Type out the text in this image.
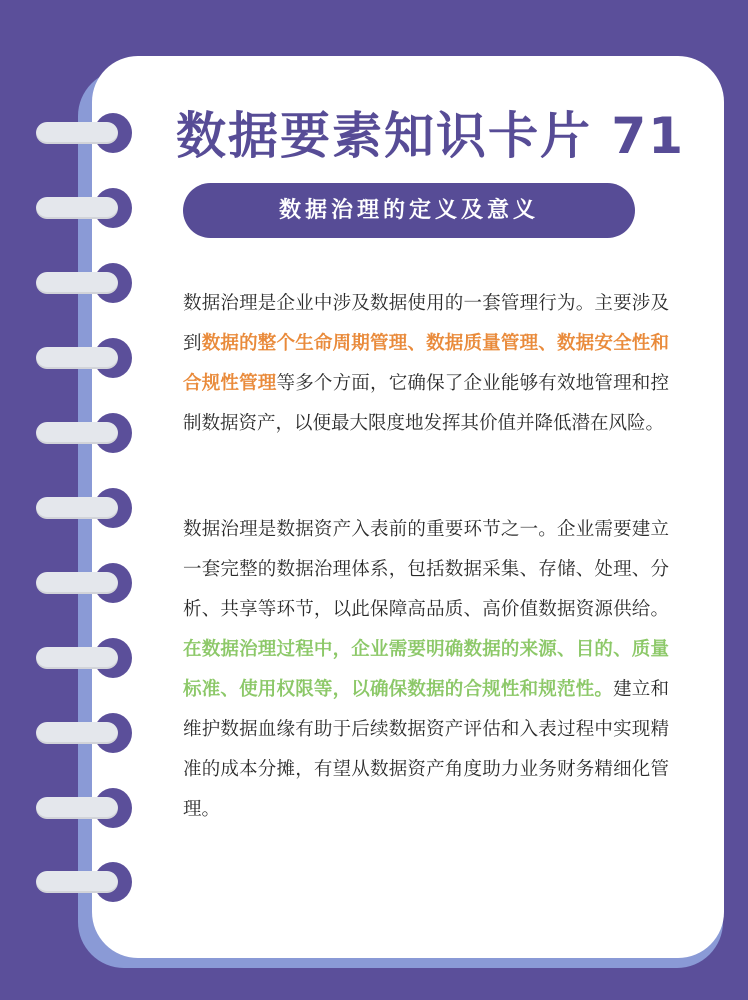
数据要素知识卡片 71
数据治理的定义及意义

数据治理是企业中涉及数据使用的一套管理行为。主要涉及到数据的整个生命周期管理、数据质量管理、数据安全性和合规性管理等多个方面，它确保了企业能够有效地管理和控制数据资产，以便最大限度地发挥其价值并降低潜在风险。

数据治理是数据资产入表前的重要环节之一。企业需要建立一套完整的数据治理体系，包括数据采集、存储、处理、分析、共享等环节，以此保障高品质、高价值数据资源供给。在数据治理过程中，企业需要明确数据的来源、目的、质量标准、使用权限等，以确保数据的合规性和规范性。建立和维护数据血缘有助于后续数据资产评估和入表过程中实现精准的成本分摊，有望从数据资产角度助力业务财务精细化管理。
